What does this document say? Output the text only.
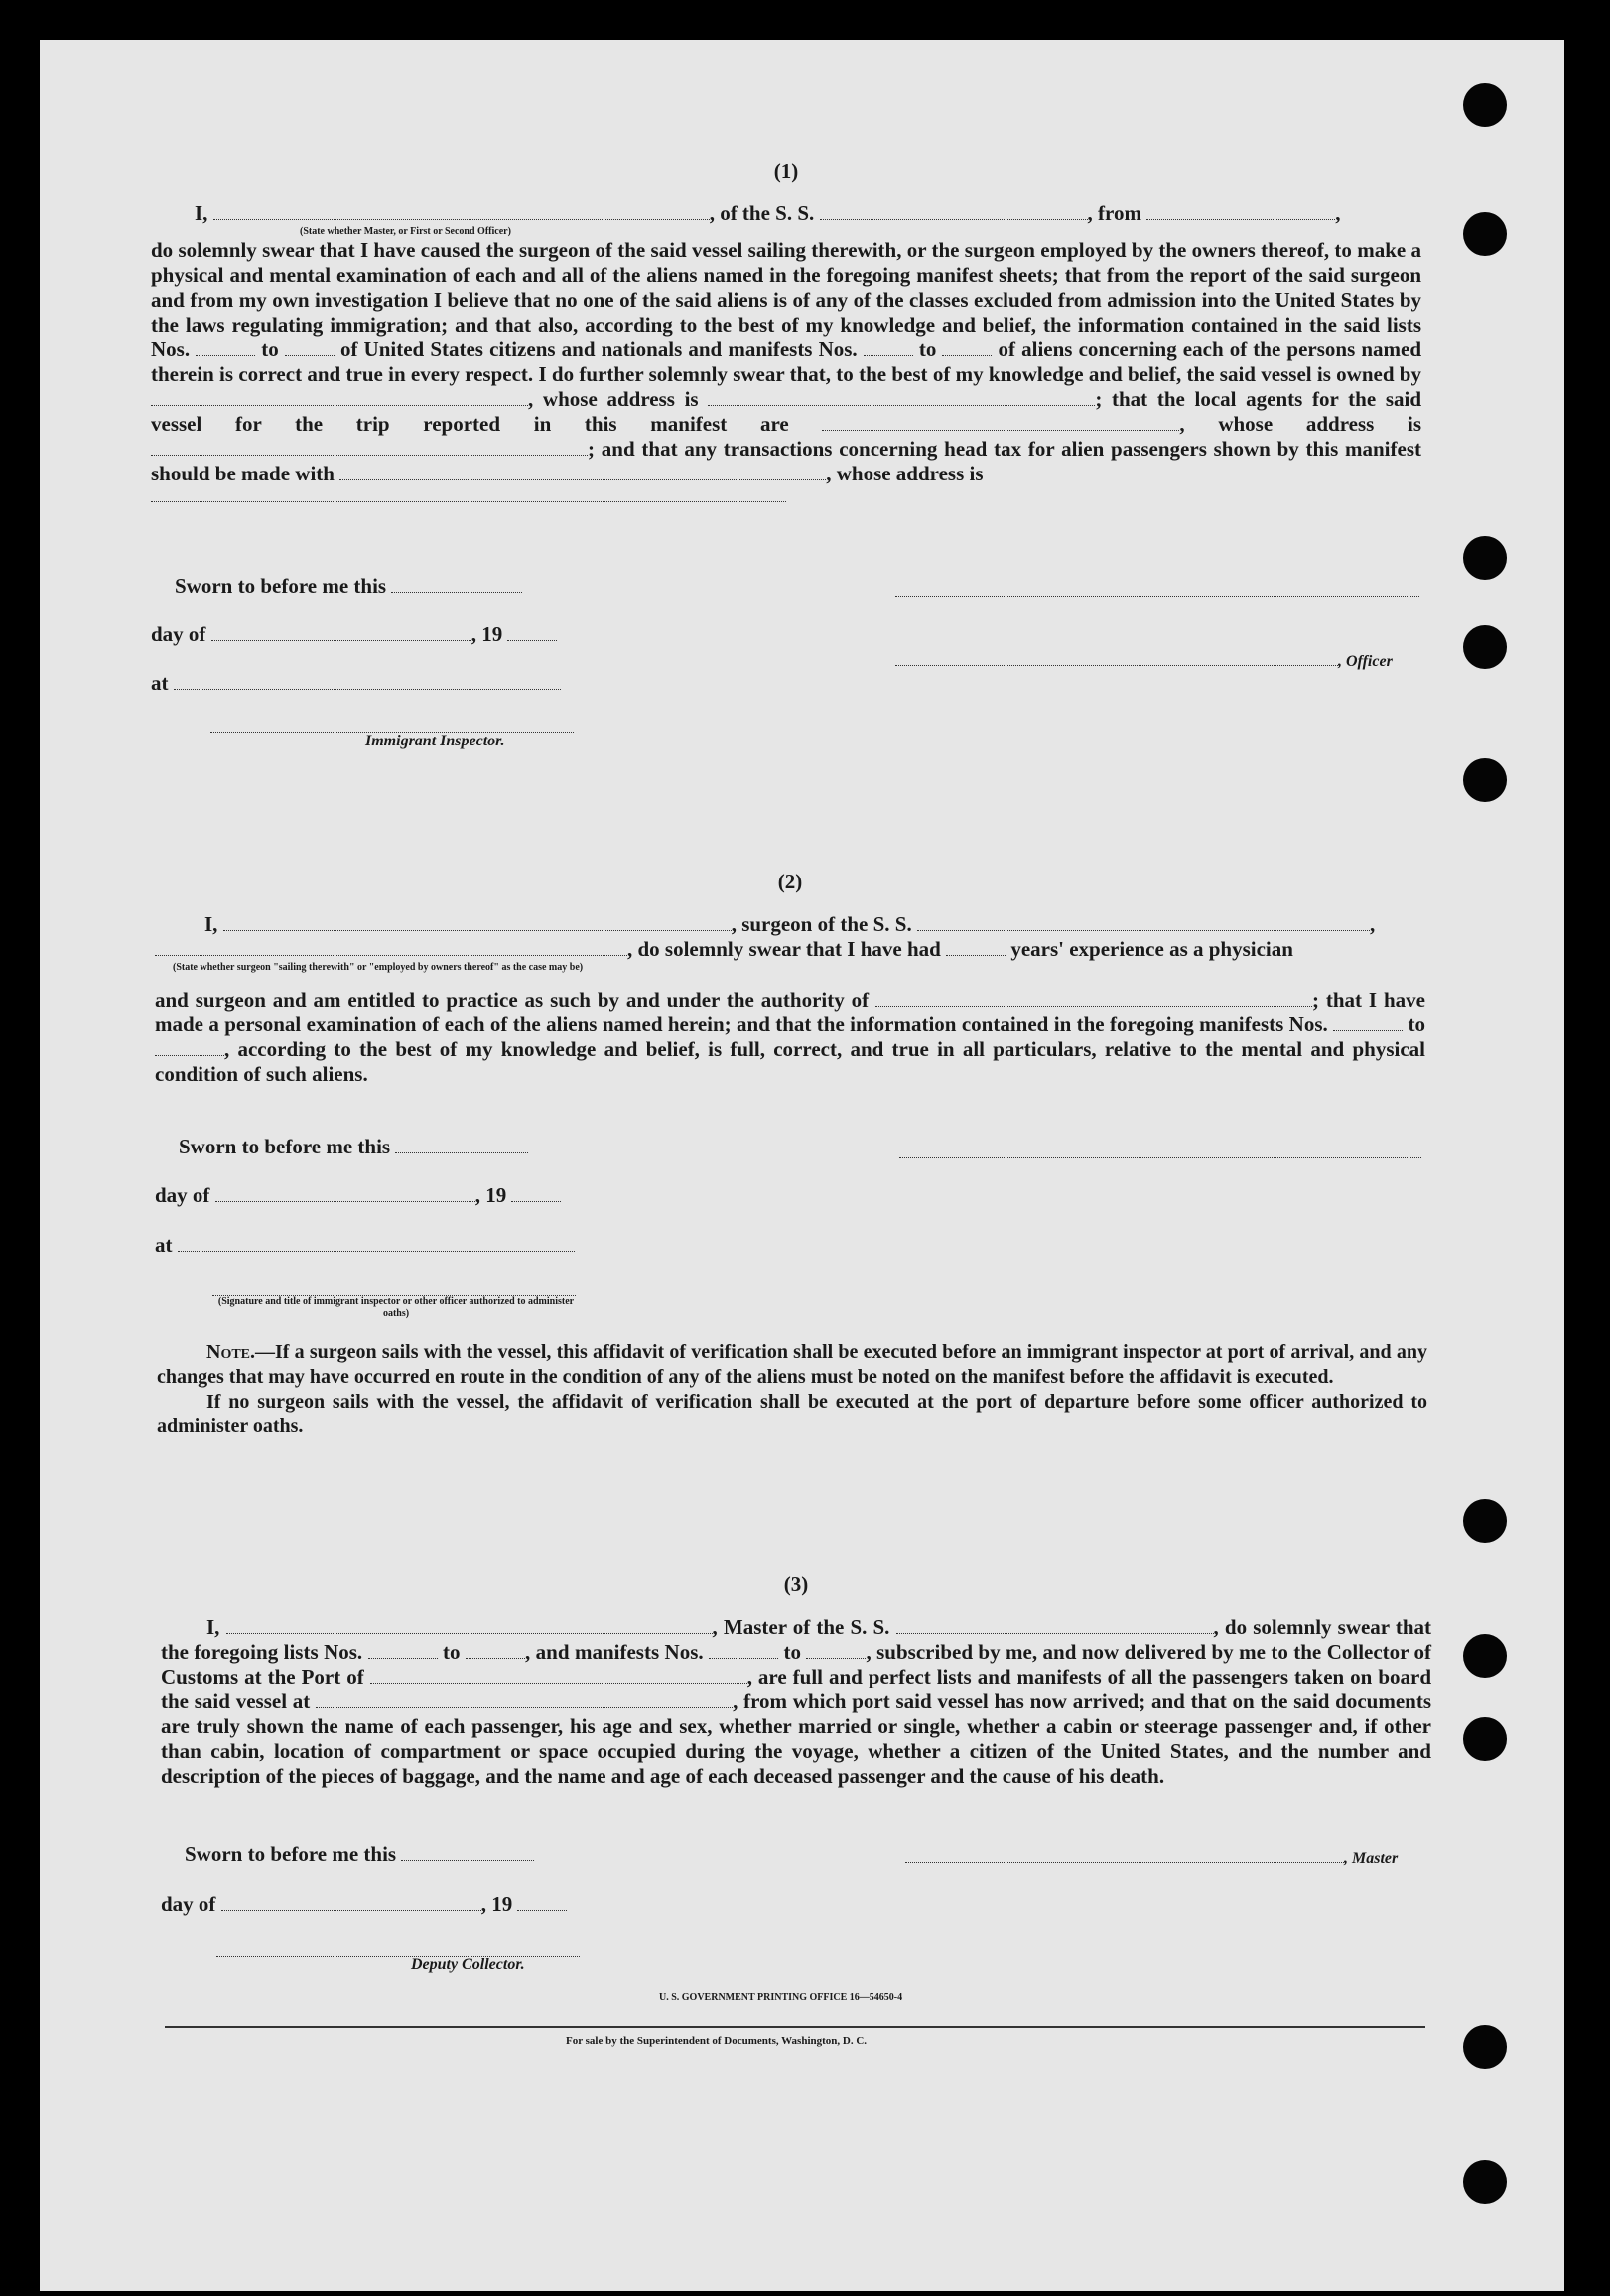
(1)

I,	, of the S. S.	, from	,

(State whether Master, or First or Second Officer)

do solemnly swear that I have caused the surgeon of the said vessel sailing therewith, or the surgeon employed by the owners thereof, to make a physical and mental examination of each and all of the aliens named in the foregoing manifest sheets; that from the report of the said surgeon and from my own investigation I believe that no one of the said aliens is of any of the classes excluded from admission into the United States by the laws regulating immigration; and that also, according to the best of my knowledge and belief, the information contained in the said lists Nos.	to	of United States citizens and nationals and manifests Nos.	to	of aliens concerning each of the persons named therein is correct and true in every respect. I do further solemnly swear that, to the best of my knowledge and belief, the said vessel is owned by , whose address is	; that the local agents for the said vessel for the trip reported in this manifest are	, whose address is ; and that any transactions concerning head tax for alien passengers shown by this manifest should be made with	, whose address is

Sworn to before me this
day of	, 19
, Officer
at
Immigrant Inspector.
(2)

I,	, surgeon of the S. S.	,

, do solemnly swear that I have had	years' experience as a physician

(State whether surgeon "sailing therewith" or "employed by owners thereof" as the case may be)

and surgeon and am entitled to practice as such by and under the authority of	; that I have made a personal examination of each of the aliens named herein; and that the information contained in the foregoing manifests Nos.	to , according to the best of my knowledge and belief, is full, correct, and true in all particulars, relative to the mental and physical condition of such aliens.

Sworn to before me this
day of	, 19
at
(Signature and title of immigrant inspector or other officer authorized to administer oaths)

Note.—If a surgeon sails with the vessel, this affidavit of verification shall be executed before an immigrant inspector at port of arrival, and any changes that may have occurred en route in the condition of any of the aliens must be noted on the manifest before the affidavit is executed.

If no surgeon sails with the vessel, the affidavit of verification shall be executed at the port of departure before some officer authorized to administer oaths.

(3)

I,	, Master of the S. S.	, do solemnly swear that the foregoing lists Nos.	to	, and manifests Nos.	to	, subscribed by me, and now delivered by me to the Collector of Customs at the Port of	, are full and perfect lists and manifests of all the passengers taken on board the said vessel at	, from which port said vessel has now arrived; and that on the said documents are truly shown the name of each passenger, his age and sex, whether married or single, whether a cabin or steerage passenger and, if other than cabin, location of compartment or space occupied during the voyage, whether a citizen of the United States, and the number and description of the pieces of baggage, and the name and age of each deceased passenger and the cause of his death.

Sworn to before me this	, Master
day of	, 19
Deputy Collector.
U. S. GOVERNMENT PRINTING OFFICE 16—54650-4
For sale by the Superintendent of Documents, Washington, D. C.
